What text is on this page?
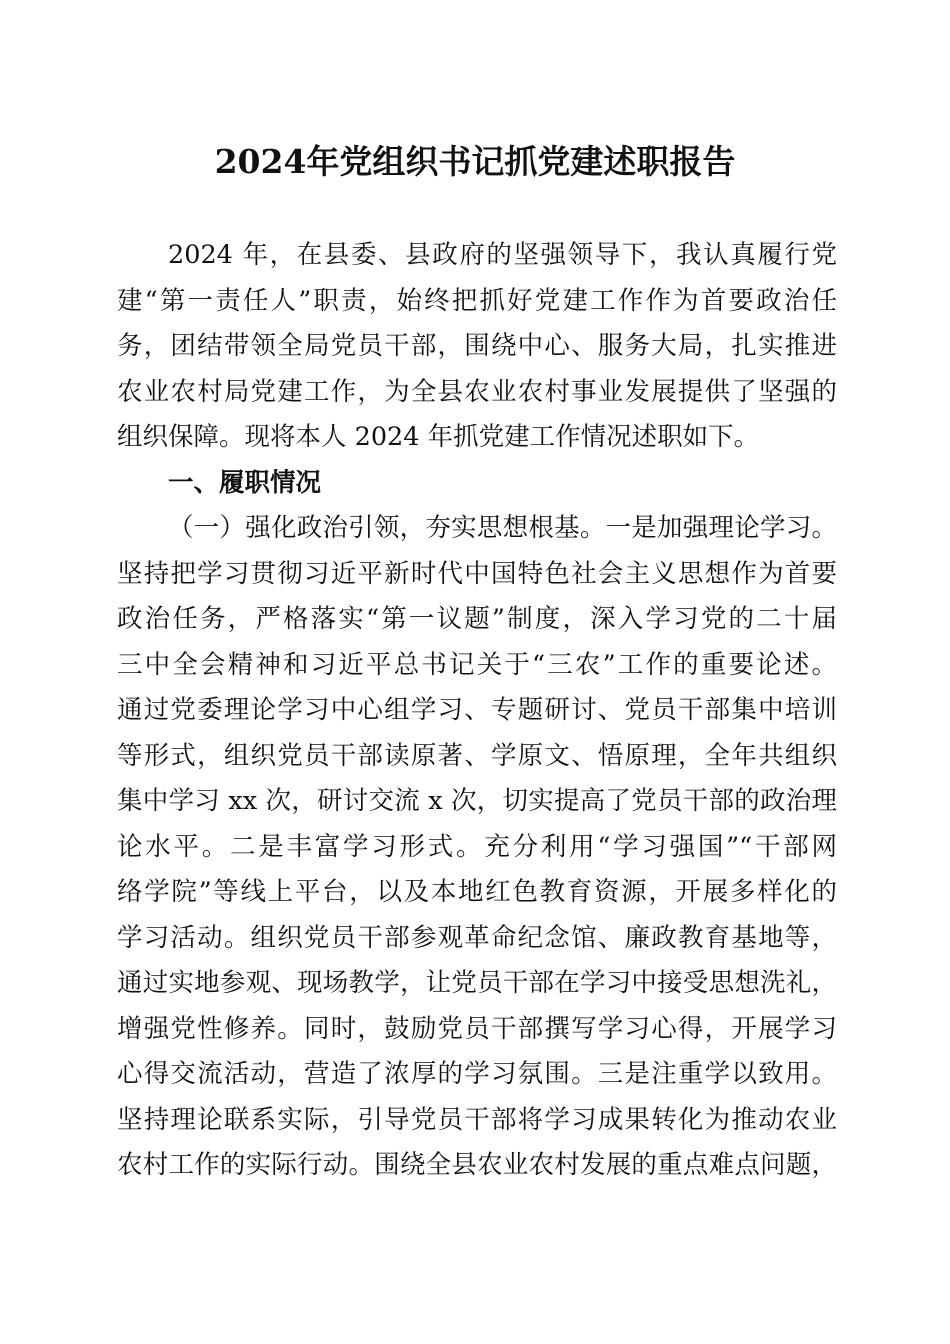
2024年党组织书记抓党建述职报告
2024 年，在县委、县政府的坚强领导下，我认真履行党
建“第一责任人”职责，始终把抓好党建工作作为首要政治任
务，团结带领全局党员干部，围绕中心、服务大局，扎实推进
农业农村局党建工作，为全县农业农村事业发展提供了坚强的
组织保障。现将本人 2024 年抓党建工作情况述职如下。
一、履职情况
（一）强化政治引领，夯实思想根基。一是加强理论学习。
坚持把学习贯彻习近平新时代中国特色社会主义思想作为首要
政治任务，严格落实“第一议题”制度，深入学习党的二十届
三中全会精神和习近平总书记关于“三农”工作的重要论述。
通过党委理论学习中心组学习、专题研讨、党员干部集中培训
等形式，组织党员干部读原著、学原文、悟原理，全年共组织
集中学习 xx 次，研讨交流 x 次，切实提高了党员干部的政治理
论水平。二是丰富学习形式。充分利用“学习强国”“干部网
络学院”等线上平台，以及本地红色教育资源，开展多样化的
学习活动。组织党员干部参观革命纪念馆、廉政教育基地等，
通过实地参观、现场教学，让党员干部在学习中接受思想洗礼，
增强党性修养。同时，鼓励党员干部撰写学习心得，开展学习
心得交流活动，营造了浓厚的学习氛围。三是注重学以致用。
坚持理论联系实际，引导党员干部将学习成果转化为推动农业
农村工作的实际行动。围绕全县农业农村发展的重点难点问题，
